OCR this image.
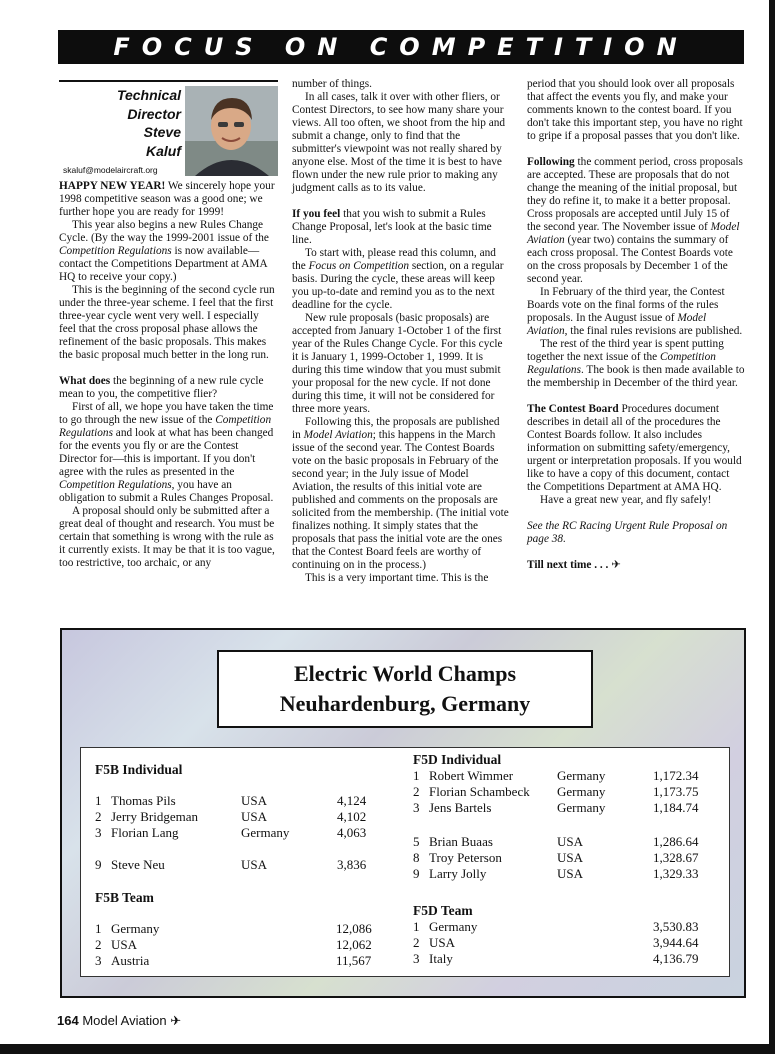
FOCUS ON COMPETITION
Technical
Director
Steve
Kaluf
skaluf@modelaircraft.org

HAPPY NEW YEAR! We sincerely hope your 1998 competitive season was a good one; we further hope you are ready for 1999!

This year also begins a new Rules Change Cycle. (By the way the 1999-2001 issue of the Competition Regulations is now available—contact the Competitions Department at AMA HQ to receive your copy.)

This is the beginning of the second cycle run under the three-year scheme. I feel that the first three-year cycle went very well. I especially feel that the cross proposal phase allows the refinement of the basic proposals. This makes the basic proposal much better in the long run.

What does the beginning of a new rule cycle mean to you, the competitive flier?

First of all, we hope you have taken the time to go through the new issue of the Competition Regulations and look at what has been changed for the events you fly or are the Contest Director for—this is important. If you don't agree with the rules as presented in the Competition Regulations, you have an obligation to submit a Rules Changes Proposal.

A proposal should only be submitted after a great deal of thought and research. You must be certain that something is wrong with the rule as it currently exists. It may be that it is too vague, too restrictive, too archaic, or any

number of things.

In all cases, talk it over with other fliers, or Contest Directors, to see how many share your views. All too often, we shoot from the hip and submit a change, only to find that the submitter's viewpoint was not really shared by anyone else. Most of the time it is best to have flown under the new rule prior to making any judgment calls as to its value.

If you feel that you wish to submit a Rules Change Proposal, let's look at the basic time line.

To start with, please read this column, and the Focus on Competition section, on a regular basis. During the cycle, these areas will keep you up-to-date and remind you as to the next deadline for the cycle.

New rule proposals (basic proposals) are accepted from January 1-October 1 of the first year of the Rules Change Cycle. For this cycle it is January 1, 1999-October 1, 1999. It is during this time window that you must submit your proposal for the new cycle. If not done during this time, it will not be considered for three more years.

Following this, the proposals are published in Model Aviation; this happens in the March issue of the second year. The Contest Boards vote on the basic proposals in February of the second year; in the July issue of Model Aviation, the results of this initial vote are published and comments on the proposals are solicited from the membership. (The initial vote finalizes nothing. It simply states that the proposals that pass the initial vote are the ones that the Contest Board feels are worthy of continuing on in the process.)

This is a very important time. This is the

period that you should look over all proposals that affect the events you fly, and make your comments known to the contest board. If you don't take this important step, you have no right to gripe if a proposal passes that you don't like.

Following the comment period, cross proposals are accepted. These are proposals that do not change the meaning of the initial proposal, but they do refine it, to make it a better proposal. Cross proposals are accepted until July 15 of the second year. The November issue of Model Aviation (year two) contains the summary of each cross proposal. The Contest Boards vote on the cross proposals by December 1 of the second year.

In February of the third year, the Contest Boards vote on the final forms of the rules proposals. In the August issue of Model Aviation, the final rules revisions are published.

The rest of the third year is spent putting together the next issue of the Competition Regulations. The book is then made available to the membership in December of the third year.

The Contest Board Procedures document describes in detail all of the procedures the Contest Boards follow. It also includes information on submitting safety/emergency, urgent or interpretation proposals. If you would like to have a copy of this document, contact the Competitions Department at AMA HQ.

Have a great new year, and fly safely!

See the RC Racing Urgent Rule Proposal on page 38.

Till next time . . . ✈
Electric World Champs
Neuhardenburg, Germany
F5B Individual
1 Thomas Pils	USA	4,124
2 Jerry Bridgeman	USA	4,102
3 Florian Lang	Germany	4,063
9 Steve Neu	USA	3,836
F5B Team
1 Germany	12,086
2 USA	12,062
3 Austria	11,567
F5D Individual
1 Robert Wimmer	Germany	1,172.34
2 Florian Schambeck Germany	1,173.75
3 Jens Bartels	Germany	1,184.74
5 Brian Buaas	USA	1,286.64
8 Troy Peterson	USA	1,328.67
9 Larry Jolly	USA	1,329.33
F5D Team
1 Germany	3,530.83
2 USA	3,944.64
3 Italy	4,136.79
164 Model Aviation ✈
